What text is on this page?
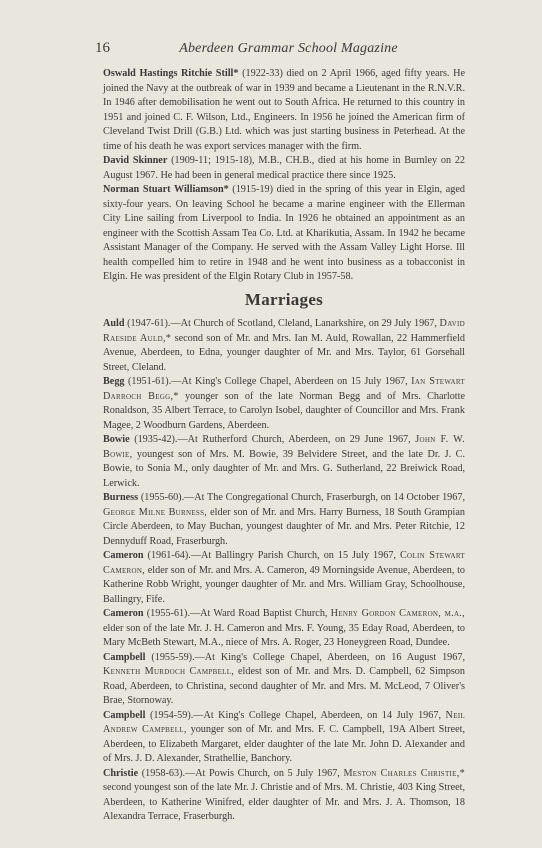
16	Aberdeen Grammar School Magazine

Oswald Hastings Ritchie Still* (1922-33) died on 2 April 1966, aged fifty years. He joined the Navy at the outbreak of war in 1939 and became a Lieutenant in the R.N.V.R. In 1946 after demobilisation he went out to South Africa. He returned to this country in 1951 and joined C. F. Wilson, Ltd., Engineers. In 1956 he joined the American firm of Cleveland Twist Drill (G.B.) Ltd. which was just starting business in Peterhead. At the time of his death he was export services manager with the firm.

David Skinner (1909-11; 1915-18), M.B., CH.B., died at his home in Burnley on 22 August 1967. He had been in general medical practice there since 1925.

Norman Stuart Williamson* (1915-19) died in the spring of this year in Elgin, aged sixty-four years. On leaving School he became a marine engineer with the Ellerman City Line sailing from Liverpool to India. In 1926 he obtained an appointment as an engineer with the Scottish Assam Tea Co. Ltd. at Kharikutia, Assam. In 1942 he became Assistant Manager of the Company. He served with the Assam Valley Light Horse. Ill health compelled him to retire in 1948 and he went into business as a tobacconist in Elgin. He was president of the Elgin Rotary Club in 1957-58.

Marriages

Auld (1947-61).—At Church of Scotland, Cleland, Lanarkshire, on 29 July 1967, David Raeside Auld,* second son of Mr. and Mrs. Ian M. Auld, Rowallan, 22 Hammerfield Avenue, Aberdeen, to Edna, younger daughter of Mr. and Mrs. Taylor, 61 Gorsehall Street, Cleland.

Begg (1951-61).—At King's College Chapel, Aberdeen on 15 July 1967, Ian Stewart Darroch Begg,* younger son of the late Norman Begg and of Mrs. Charlotte Ronaldson, 35 Albert Terrace, to Carolyn Isobel, daughter of Councillor and Mrs. Frank Magee, 2 Woodburn Gardens, Aberdeen.

Bowie (1935-42).—At Rutherford Church, Aberdeen, on 29 June 1967, John F. W. Bowie, youngest son of Mrs. M. Bowie, 39 Belvidere Street, and the late Dr. J. C. Bowie, to Sonia M., only daughter of Mr. and Mrs. G. Sutherland, 22 Breiwick Road, Lerwick.

Burness (1955-60).—At The Congregational Church, Fraserburgh, on 14 October 1967, George Milne Burness, elder son of Mr. and Mrs. Harry Burness, 18 South Grampian Circle Aberdeen, to May Buchan, youngest daughter of Mr. and Mrs. Peter Ritchie, 12 Dennyduff Road, Fraserburgh.

Cameron (1961-64).—At Ballingry Parish Church, on 15 July 1967, Colin Stewart Cameron, elder son of Mr. and Mrs. A. Cameron, 49 Morningside Avenue, Aberdeen, to Katherine Robb Wright, younger daughter of Mr. and Mrs. William Gray, Schoolhouse, Ballingry, Fife.

Cameron (1955-61).—At Ward Road Baptist Church, Henry Gordon Cameron, m.a., elder son of the late Mr. J. H. Cameron and Mrs. F. Young, 35 Eday Road, Aberdeen, to Mary McBeth Stewart, M.A., niece of Mrs. A. Roger, 23 Honeygreen Road, Dundee.

Campbell (1955-59).—At King's College Chapel, Aberdeen, on 16 August 1967, Kenneth Murdoch Campbell, eldest son of Mr. and Mrs. D. Campbell, 62 Simpson Road, Aberdeen, to Christina, second daughter of Mr. and Mrs. M. McLeod, 7 Oliver's Brae, Stornoway.

Campbell (1954-59).—At King's College Chapel, Aberdeen, on 14 July 1967, Neil Andrew Campbell, younger son of Mr. and Mrs. F. C. Campbell, 19A Albert Street, Aberdeen, to Elizabeth Margaret, elder daughter of the late Mr. John D. Alexander and of Mrs. J. D. Alexander, Strathellie, Banchory.

Christie (1958-63).—At Powis Church, on 5 July 1967, Meston Charles Christie,* second youngest son of the late Mr. J. Christie and of Mrs. M. Christie, 403 King Street, Aberdeen, to Katherine Winifred, elder daughter of Mr. and Mrs. J. A. Thomson, 18 Alexandra Terrace, Fraserburgh.
